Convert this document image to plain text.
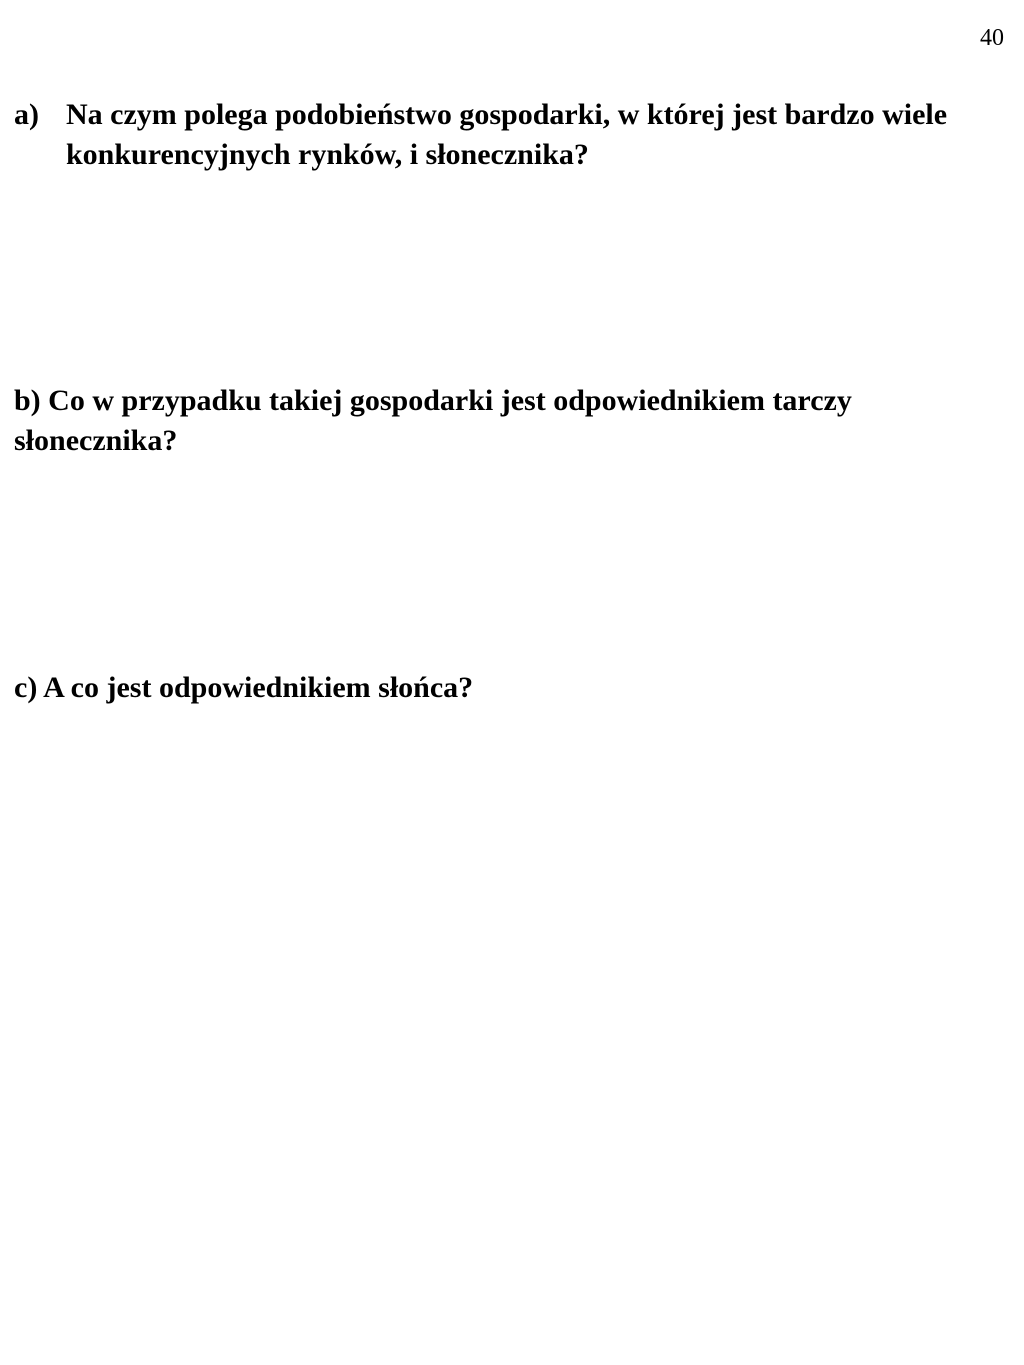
40
a) Na czym polega podobieństwo gospodarki, w której jest bardzo wiele konkurencyjnych rynków, i słonecznika?
b) Co w przypadku takiej gospodarki jest odpowiednikiem tarczy słonecznika?
c) A co jest odpowiednikiem słońca?
